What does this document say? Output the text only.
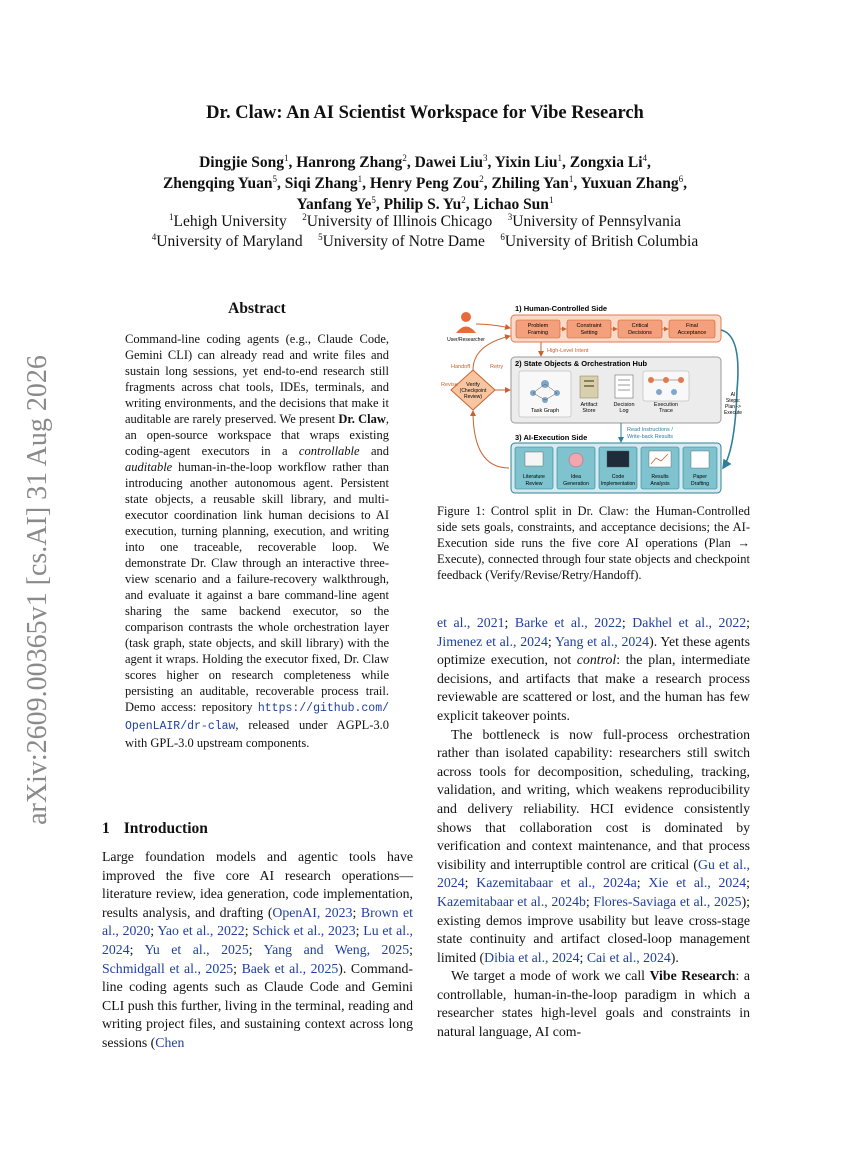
arXiv:2609.00365v1 [cs.AI] 31 Aug 2026
Dr. Claw: An AI Scientist Workspace for Vibe Research
Dingjie Song$^1$, Hanrong Zhang$^2$, Dawei Liu$^3$, Yixin Liu$^1$, Zongxia Li$^4$,
Zhengqing Yuan$^5$, Siqi Zhang$^1$, Henry Peng Zou$^2$, Zhiling Yan$^1$, Yuxuan Zhang$^6$,
Yanfang Ye$^5$, Philip S. Yu$^2$, Lichao Sun$^1$
$^1$Lehigh University $^2$University of Illinois Chicago $^3$University of Pennsylvania
$^4$University of Maryland $^5$University of Notre Dame $^6$University of British Columbia
Abstract
Command-line coding agents (e.g., Claude Code, Gemini CLI) can already read and write files and sustain long sessions, yet end-to-end research still fragments across chat tools, IDEs, terminals, and writing environments, and the decisions that make it auditable are rarely preserved. We present Dr. Claw, an open-source workspace that wraps existing coding-agent executors in a controllable and auditable human-in-the-loop workflow rather than introducing another autonomous agent. Persistent state objects, a reusable skill library, and multi-executor coordination link human decisions to AI execution, turning planning, execution, and writing into one traceable, recoverable loop. We demonstrate Dr. Claw through an interactive three-view scenario and a failure-recovery walkthrough, and evaluate it against a bare command-line agent sharing the same backend executor, so the comparison contrasts the whole orchestration layer (task graph, state objects, and skill library) with the agent it wraps. Holding the executor fixed, Dr. Claw scores higher on research completeness while persisting an auditable, recoverable process trail. Demo access: repository https://github.com/OpenLAIR/dr-claw, released under AGPL-3.0 with GPL-3.0 upstream components.
1 Introduction
Large foundation models and agentic tools have improved the five core AI research operations—literature review, idea generation, code implementation, results analysis, and drafting (OpenAI, 2023; Brown et al., 2020; Yao et al., 2022; Schick et al., 2023; Lu et al., 2024; Yu et al., 2025; Yang and Weng, 2025; Schmidgall et al., 2025; Baek et al., 2025). Command-line coding agents such as Claude Code and Gemini CLI push this further, living in the terminal, reading and writing project files, and sustaining context across long sessions (Chen
1) Human-Controlled Side
Problem
Framing
Constraint
Setting
Critical
Decisions
Final
Acceptance
User/Researcher
High-Level Intent
2) State Objects & Orchestration Hub
Task Graph
Artifact
Store
Decision
Log
Execution
Trace
Verify
(Checkpoint
Review)
Handoff	Retry
Revise
AI
Steps:
Plan ->
Execute
Read Instructions /
Write-back Results
3) AI-Execution Side
Literature
Review
Idea
Generation
Code
Implementation
Results
Analysis
Paper
Drafting
Figure 1: Control split in Dr. Claw: the Human-Controlled side sets goals, constraints, and acceptance decisions; the AI-Execution side runs the five core AI operations (Plan → Execute), connected through four state objects and checkpoint feedback (Verify/Revise/Retry/Handoff).

et al., 2021; Barke et al., 2022; Dakhel et al., 2022; Jimenez et al., 2024; Yang et al., 2024). Yet these agents optimize execution, not control: the plan, intermediate decisions, and artifacts that make a research process reviewable are scattered or lost, and the human has few explicit takeover points.

The bottleneck is now full-process orchestration rather than isolated capability: researchers still switch across tools for decomposition, scheduling, tracking, validation, and writing, which weakens reproducibility and delivery reliability. HCI evidence consistently shows that collaboration cost is dominated by verification and context maintenance, and that process visibility and interruptible control are critical (Gu et al., 2024; Kazemitabaar et al., 2024a; Xie et al., 2024; Kazemitabaar et al., 2024b; Flores-Saviaga et al., 2025); existing demos improve usability but leave cross-stage state continuity and artifact closed-loop management limited (Dibia et al., 2024; Cai et al., 2024).

We target a mode of work we call Vibe Research: a controllable, human-in-the-loop paradigm in which a researcher states high-level goals and constraints in natural language, AI com-
